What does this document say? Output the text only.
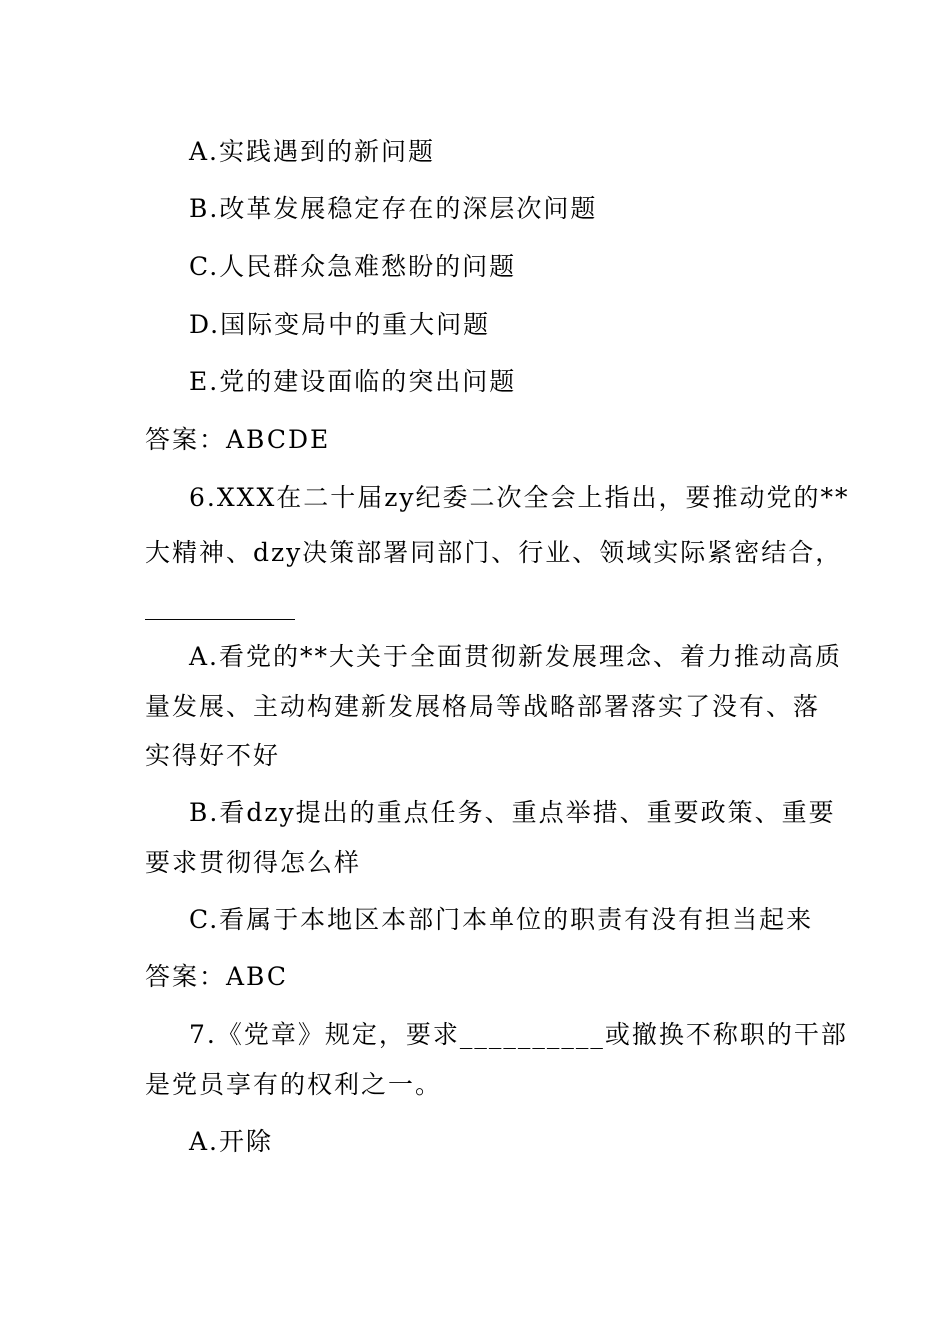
A.实践遇到的新问题
B.改革发展稳定存在的深层次问题
C.人民群众急难愁盼的问题
D.国际变局中的重大问题
E.党的建设面临的突出问题
答案：ABCDE
6.XXX在二十届zy纪委二次全会上指出，要推动党的**
大精神、dzy决策部署同部门、行业、领域实际紧密结合，
____________
A.看党的**大关于全面贯彻新发展理念、着力推动高质
量发展、主动构建新发展格局等战略部署落实了没有、落
实得好不好
B.看dzy提出的重点任务、重点举措、重要政策、重要
要求贯彻得怎么样
C.看属于本地区本部门本单位的职责有没有担当起来
答案：ABC
7.《党章》规定，要求__________或撤换不称职的干部
是党员享有的权利之一。
A.开除
